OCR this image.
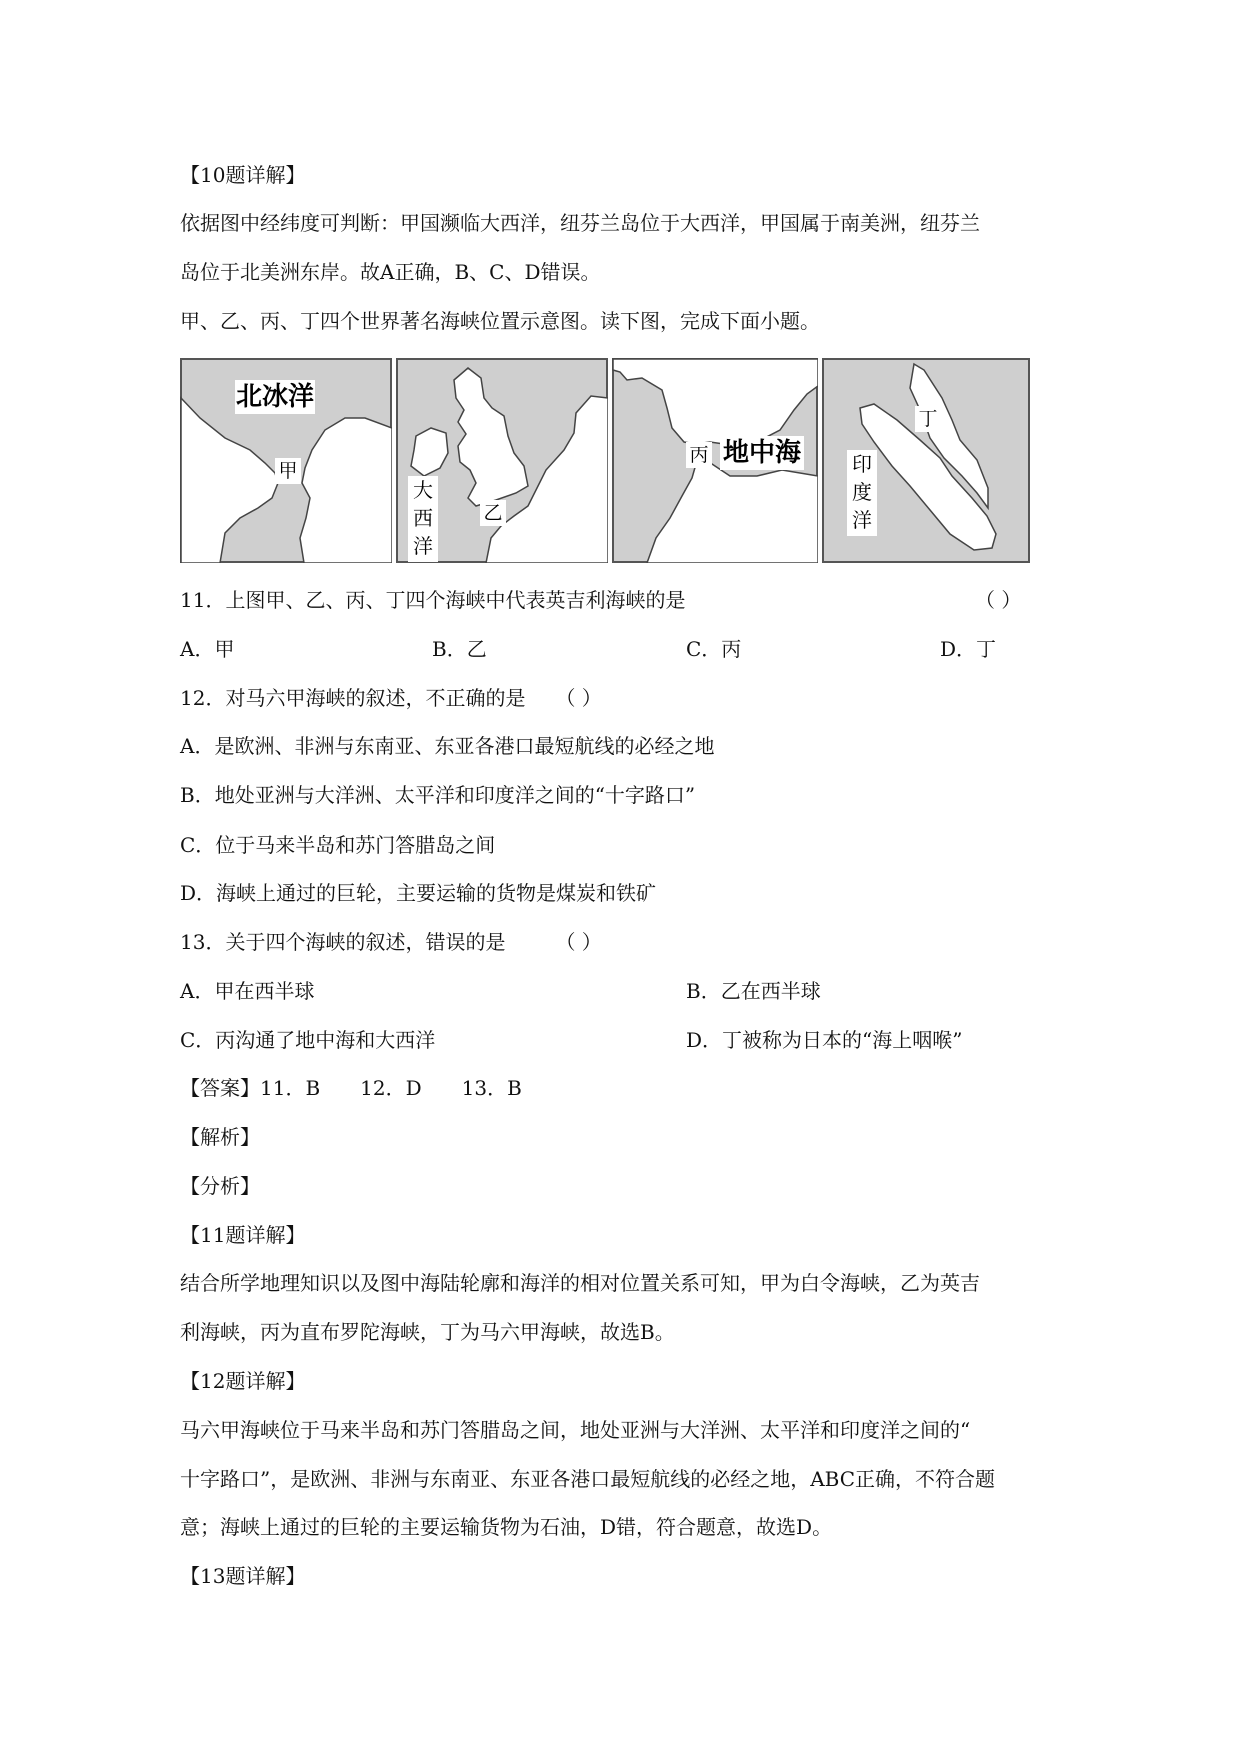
【10题详解】
依据图中经纬度可判断：甲国濒临大西洋，纽芬兰岛位于大西洋，甲国属于南美洲，纽芬兰
岛位于北美洲东岸。故A正确，B、C、D错误。
甲、乙、丙、丁四个世界著名海峡位置示意图。读下图，完成下面小题。
北冰洋
甲
大
西
洋
乙
丙 地中海
丁
印
度
洋
11．上图甲、乙、丙、丁四个海峡中代表英吉利海峡的是	（ ）
A．甲	B．乙	C．丙	D．丁
12．对马六甲海峡的叙述，不正确的是　　（ ）
A．是欧洲、非洲与东南亚、东亚各港口最短航线的必经之地
B．地处亚洲与大洋洲、太平洋和印度洋之间的“十字路口”
C．位于马来半岛和苏门答腊岛之间
D．海峡上通过的巨轮，主要运输的货物是煤炭和铁矿
13．关于四个海峡的叙述，错误的是　　　（ ）
A．甲在西半球	B．乙在西半球
C．丙沟通了地中海和大西洋	D．丁被称为日本的“海上咽喉”
【答案】11．B　　12．D　　13．B
【解析】
【分析】
【11题详解】
结合所学地理知识以及图中海陆轮廓和海洋的相对位置关系可知，甲为白令海峡，乙为英吉
利海峡，丙为直布罗陀海峡，丁为马六甲海峡，故选B。
【12题详解】
马六甲海峡位于马来半岛和苏门答腊岛之间，地处亚洲与大洋洲、太平洋和印度洋之间的“
十字路口”，是欧洲、非洲与东南亚、东亚各港口最短航线的必经之地，ABC正确，不符合题
意；海峡上通过的巨轮的主要运输货物为石油，D错，符合题意，故选D。
【13题详解】
